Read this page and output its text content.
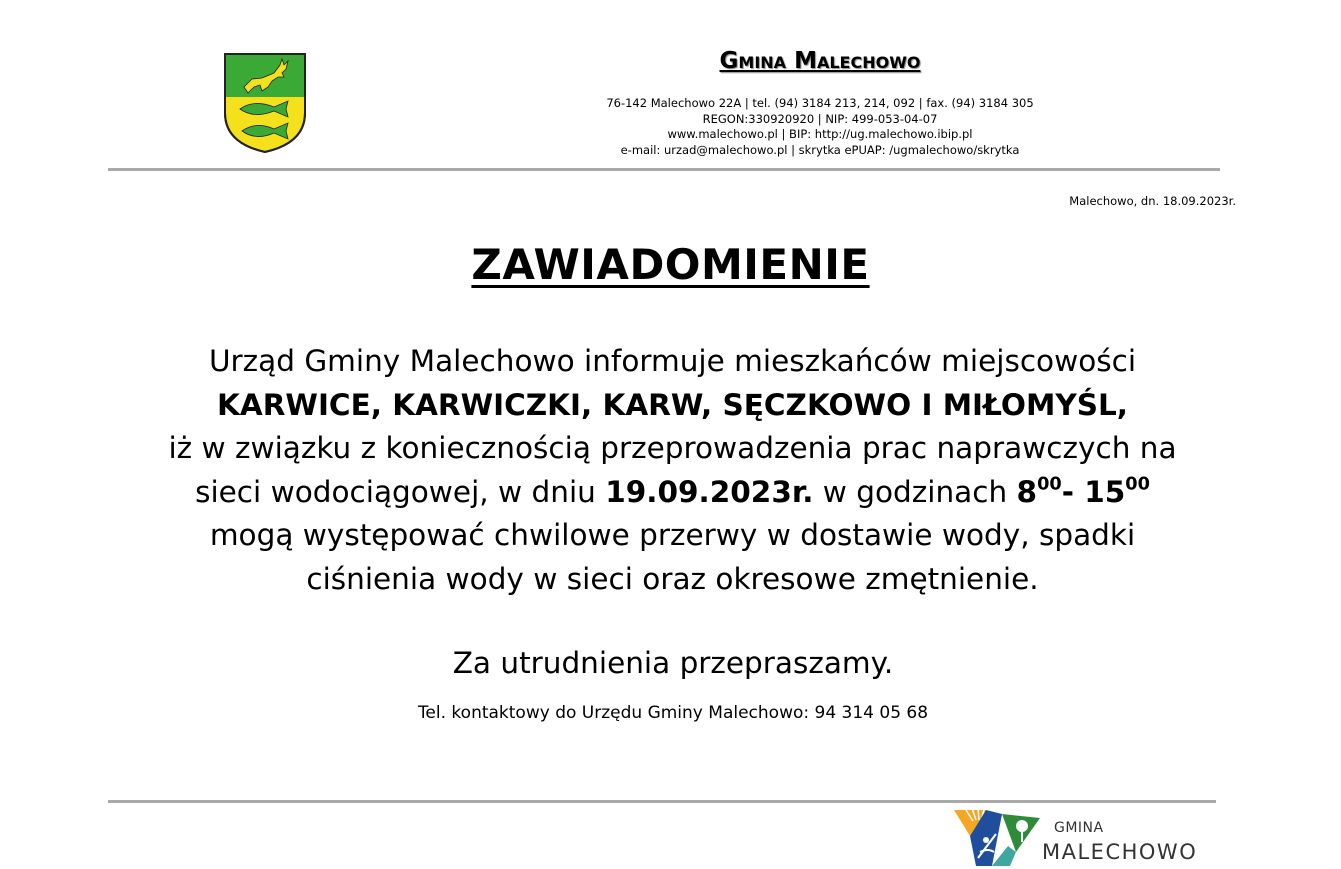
Gmina Malechowo
76-142 Malechowo 22A | tel. (94) 3184 213, 214, 092 | fax. (94) 3184 305
REGON:330920920 | NIP: 499-053-04-07
www.malechowo.pl | BIP: http://ug.malechowo.ibip.pl
e-mail: urzad@malechowo.pl | skrytka ePUAP: /ugmalechowo/skrytka
Malechowo, dn. 18.09.2023r.
ZAWIADOMIENIE
Urząd Gminy Malechowo informuje mieszkańców miejscowości
KARWICE, KARWICZKI, KARW, SĘCZKOWO I MIŁOMYŚL,
iż w związku z koniecznością przeprowadzenia prac naprawczych na
sieci wodociągowej, w dniu 19.09.2023r. w godzinach $8^{00}-$ $15^{00}$
mogą występować chwilowe przerwy w dostawie wody, spadki
ciśnienia wody w sieci oraz okresowe zmętnienie.
Za utrudnienia przepraszamy.
Tel. kontaktowy do Urzędu Gminy Malechowo: 94 314 05 68
GMINA
MALECHOWO
